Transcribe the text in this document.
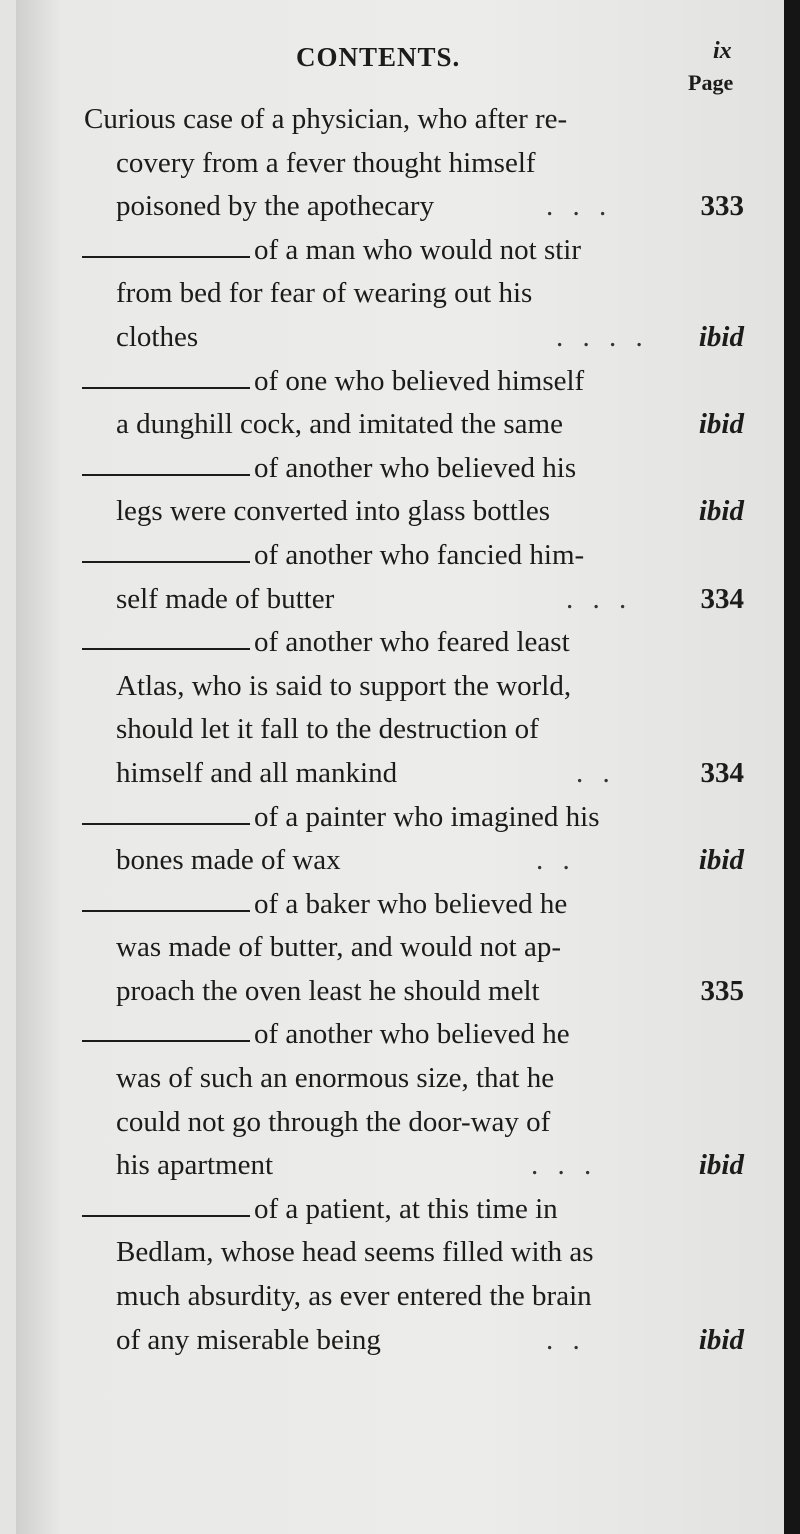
CONTENTS.	ix
Page
Curious case of a physician, who after re-
covery from a fever thought himself
poisoned by the apothecary	. . .	333
of a man who would not stir
from bed for fear of wearing out his
clothes	. . . . ibid
of one who believed himself
a dunghill cock, and imitated the same	ibid
of another who believed his
legs were converted into glass bottles	ibid
of another who fancied him-
self made of butter	. . . 334
of another who feared least
Atlas, who is said to support the world,
should let it fall to the destruction of
himself and all mankind	. .	334
of a painter who imagined his
bones made of wax	. .	ibid
of a baker who believed he
was made of butter, and would not ap-
proach the oven least he should melt	335
of another who believed he
was of such an enormous size, that he
could not go through the door-way of
his apartment	. . .	ibid
of a patient, at this time in
Bedlam, whose head seems filled with as
much absurdity, as ever entered the brain
of any miserable being	. .	ibid
